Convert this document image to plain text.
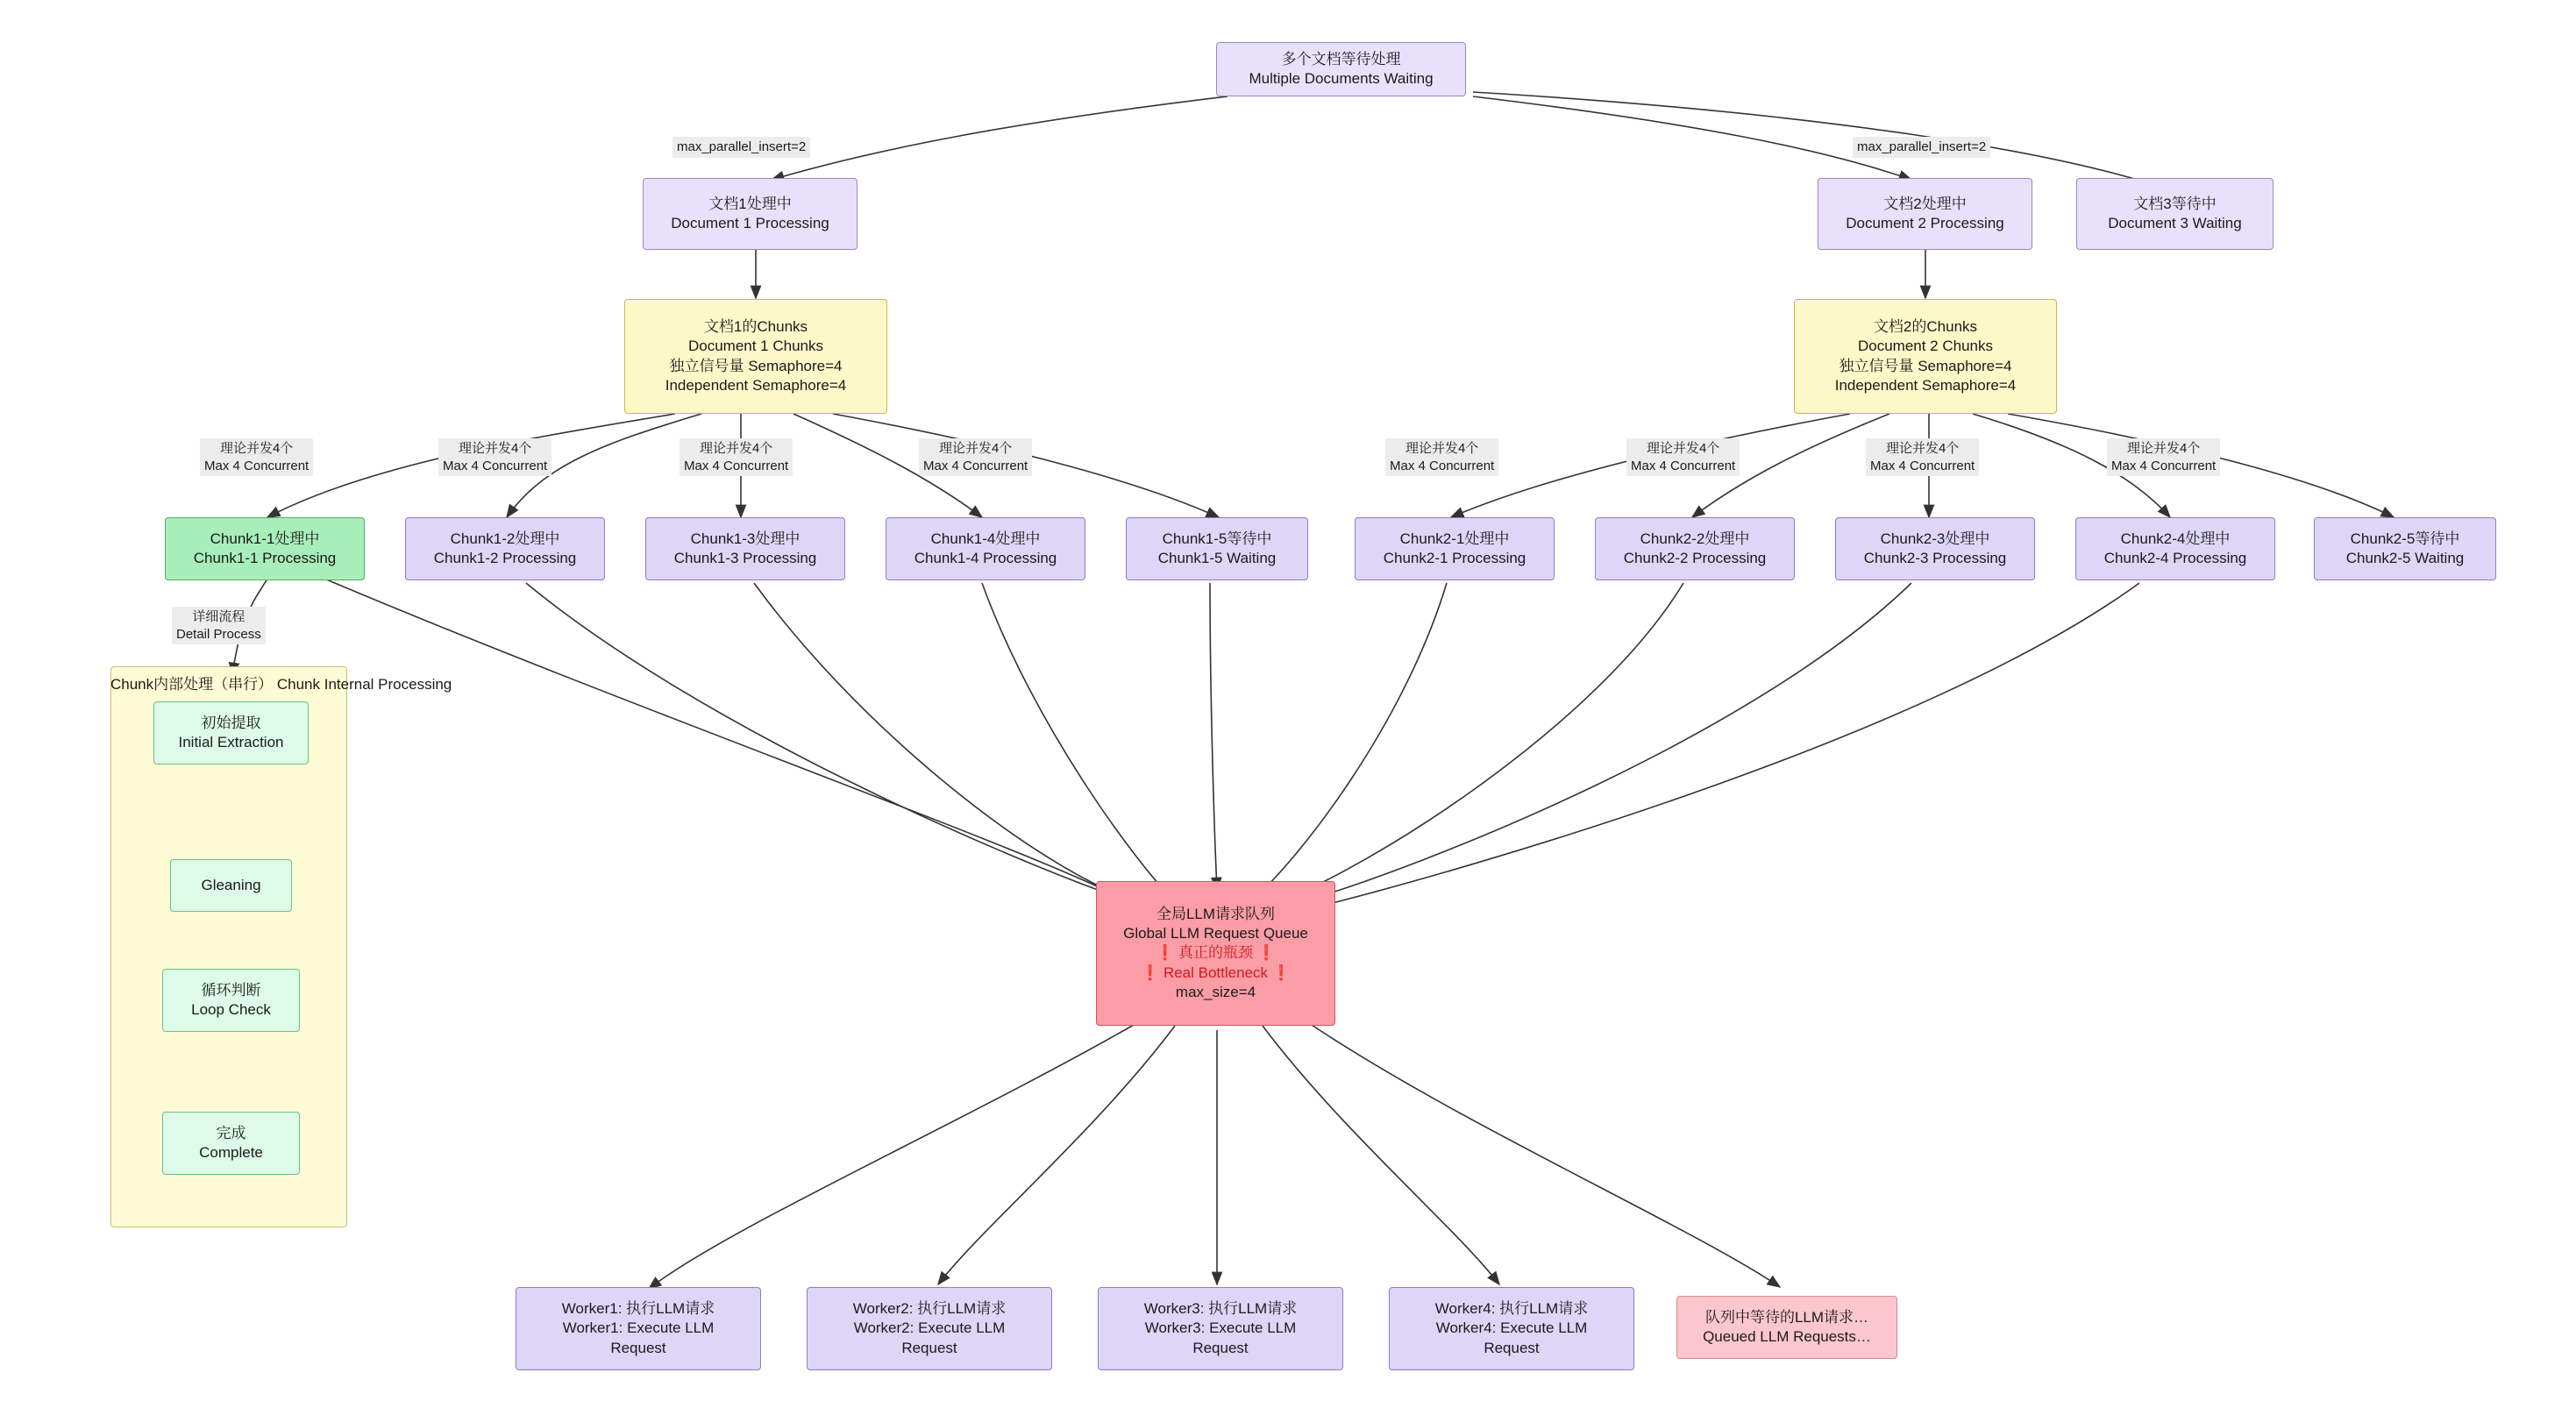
多个文档等待处理
Multiple Documents Waiting
文档1处理中
Document 1 Processing
文档2处理中
Document 2 Processing
文档3等待中
Document 3 Waiting
文档1的Chunks
Document 1 Chunks
独立信号量 Semaphore=4
Independent Semaphore=4
文档2的Chunks
Document 2 Chunks
独立信号量 Semaphore=4
Independent Semaphore=4
Chunk1-1处理中
Chunk1-1 Processing
Chunk1-2处理中
Chunk1-2 Processing
Chunk1-3处理中
Chunk1-3 Processing
Chunk1-4处理中
Chunk1-4 Processing
Chunk1-5等待中
Chunk1-5 Waiting
Chunk2-1处理中
Chunk2-1 Processing
Chunk2-2处理中
Chunk2-2 Processing
Chunk2-3处理中
Chunk2-3 Processing
Chunk2-4处理中
Chunk2-4 Processing
Chunk2-5等待中
Chunk2-5 Waiting
Chunk内部处理（串行） Chunk Internal Processing
初始提取
Initial Extraction
Gleaning
循环判断
Loop Check
完成
Complete
全局LLM请求队列
Global LLM Request Queue
❗ 真正的瓶颈 ❗
❗ Real Bottleneck ❗
max_size=4
Worker1: 执行LLM请求
Worker1: Execute LLM
Request
Worker2: 执行LLM请求
Worker2: Execute LLM
Request
Worker3: 执行LLM请求
Worker3: Execute LLM
Request
Worker4: 执行LLM请求
Worker4: Execute LLM
Request
队列中等待的LLM请求…
Queued LLM Requests…
max_parallel_insert=2	max_parallel_insert=2
理论并发4个
Max 4 Concurrent
理论并发4个
Max 4 Concurrent
理论并发4个
Max 4 Concurrent
理论并发4个
Max 4 Concurrent
理论并发4个
Max 4 Concurrent
理论并发4个
Max 4 Concurrent
理论并发4个
Max 4 Concurrent
理论并发4个
Max 4 Concurrent
详细流程
Detail Process
